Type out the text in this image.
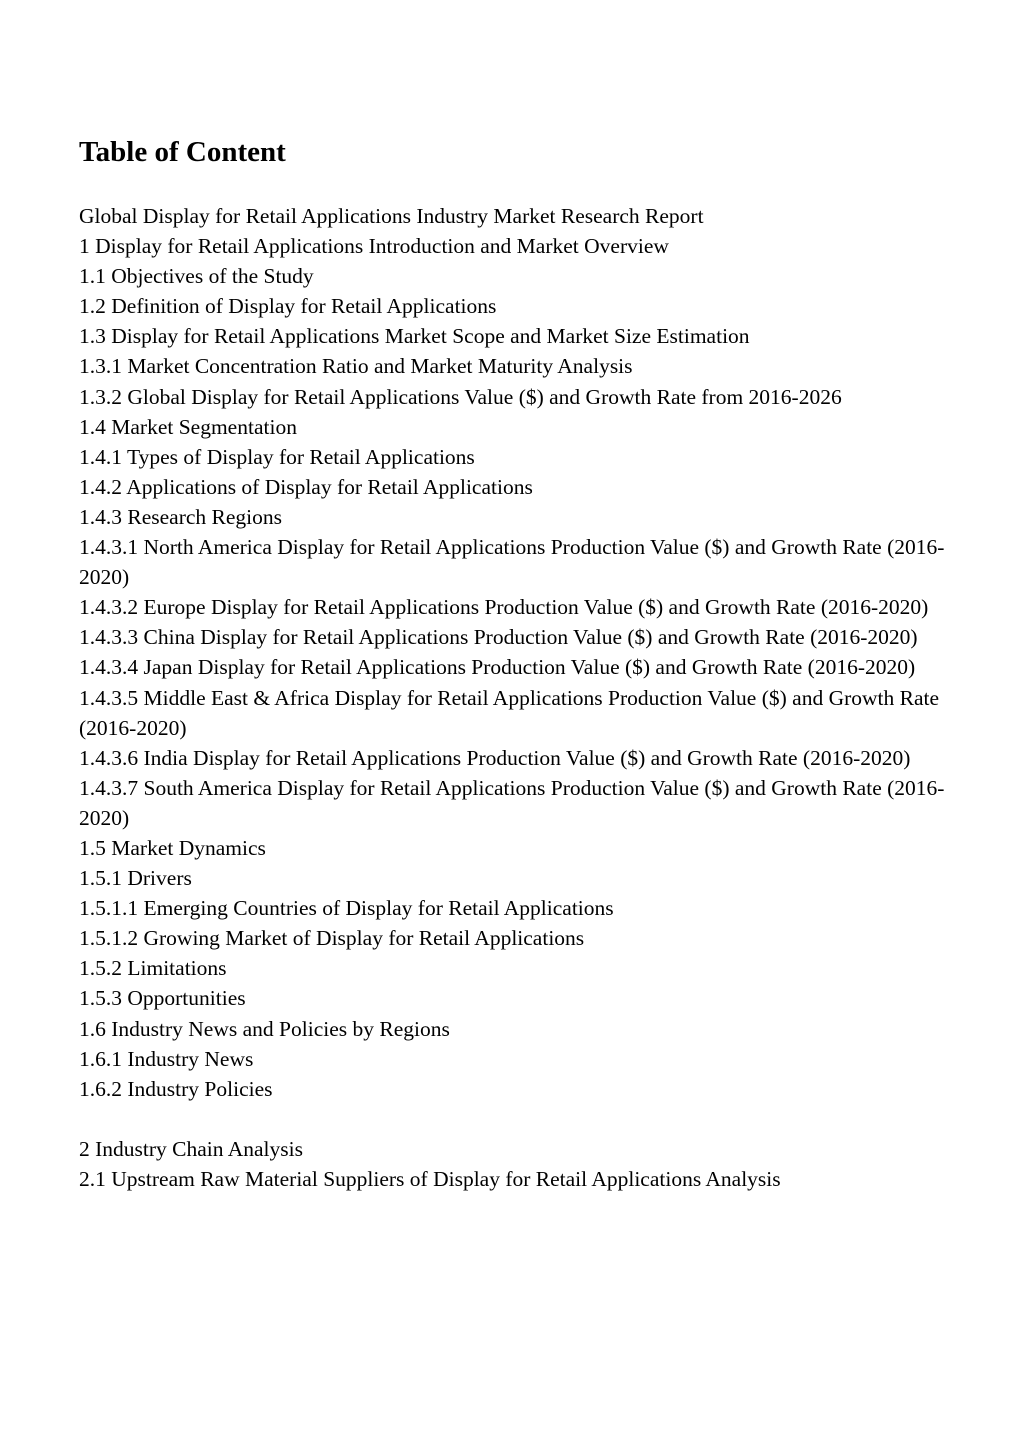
Table of Content
Global Display for Retail Applications Industry Market Research Report
1 Display for Retail Applications Introduction and Market Overview
1.1 Objectives of the Study
1.2 Definition of Display for Retail Applications
1.3 Display for Retail Applications Market Scope and Market Size Estimation
1.3.1 Market Concentration Ratio and Market Maturity Analysis
1.3.2 Global Display for Retail Applications Value ($) and Growth Rate from 2016-2026
1.4 Market Segmentation
1.4.1 Types of Display for Retail Applications
1.4.2 Applications of Display for Retail Applications
1.4.3 Research Regions
1.4.3.1 North America Display for Retail Applications Production Value ($) and Growth Rate (2016-2020)
1.4.3.2 Europe Display for Retail Applications Production Value ($) and Growth Rate (2016-2020)
1.4.3.3 China Display for Retail Applications Production Value ($) and Growth Rate (2016-2020)
1.4.3.4 Japan Display for Retail Applications Production Value ($) and Growth Rate (2016-2020)
1.4.3.5 Middle East & Africa Display for Retail Applications Production Value ($) and Growth Rate (2016-2020)
1.4.3.6 India Display for Retail Applications Production Value ($) and Growth Rate (2016-2020)
1.4.3.7 South America Display for Retail Applications Production Value ($) and Growth Rate (2016-2020)
1.5 Market Dynamics
1.5.1 Drivers
1.5.1.1 Emerging Countries of Display for Retail Applications
1.5.1.2 Growing Market of Display for Retail Applications
1.5.2 Limitations
1.5.3 Opportunities
1.6 Industry News and Policies by Regions
1.6.1 Industry News
1.6.2 Industry Policies
2 Industry Chain Analysis
2.1 Upstream Raw Material Suppliers of Display for Retail Applications Analysis
